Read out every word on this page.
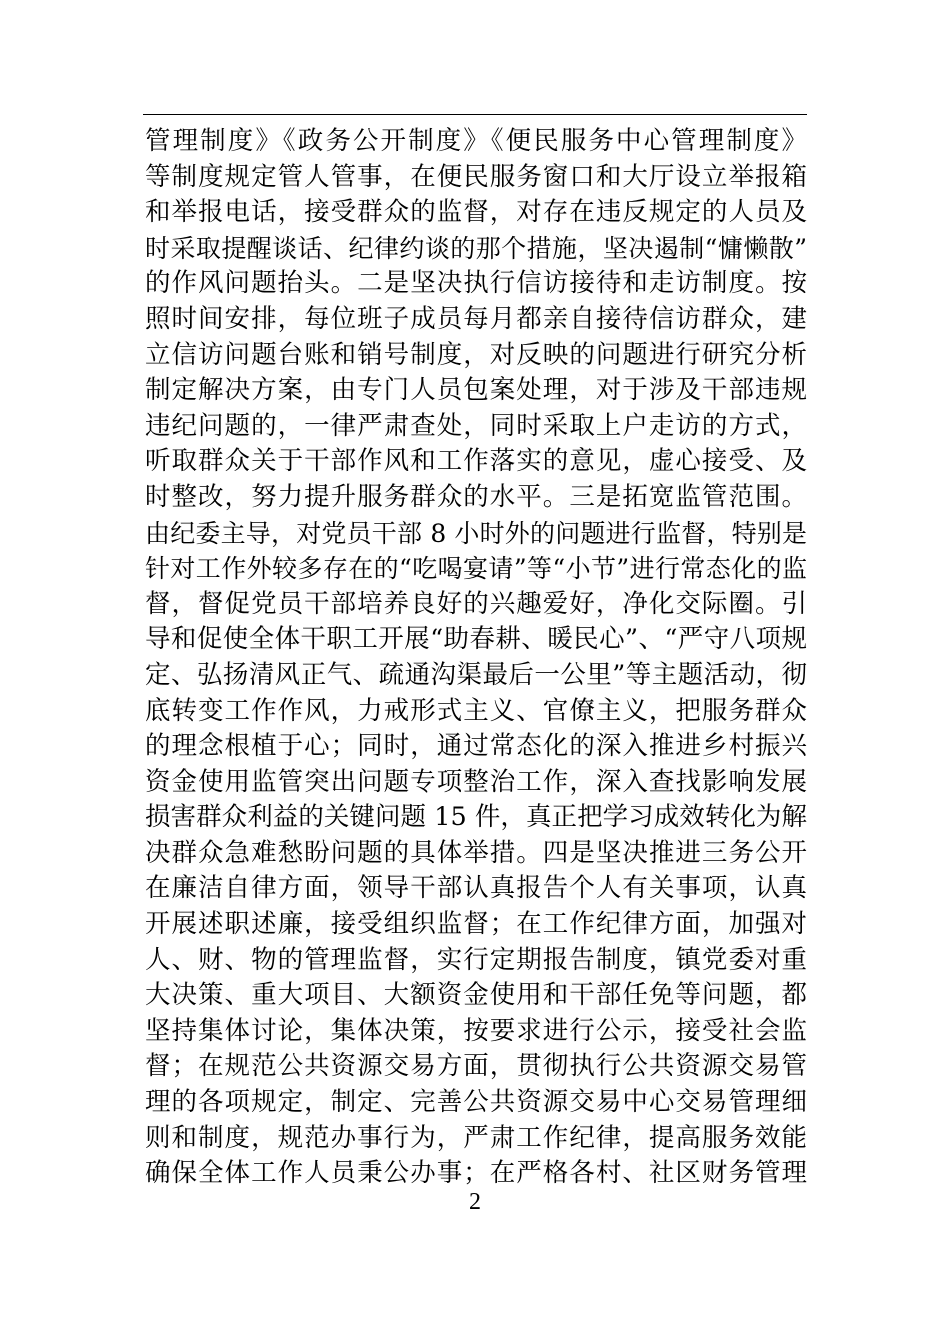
管理制度》《政务公开制度》《便民服务中心管理制度》
等制度规定管人管事，在便民服务窗口和大厅设立举报箱
和举报电话，接受群众的监督，对存在违反规定的人员及
时采取提醒谈话、纪律约谈的那个措施，坚决遏制“慵懒散”
的作风问题抬头。二是坚决执行信访接待和走访制度。按
照时间安排，每位班子成员每月都亲自接待信访群众，建
立信访问题台账和销号制度，对反映的问题进行研究分析
制定解决方案，由专门人员包案处理，对于涉及干部违规
违纪问题的，一律严肃查处，同时采取上户走访的方式，
听取群众关于干部作风和工作落实的意见，虚心接受、及
时整改，努力提升服务群众的水平。三是拓宽监管范围。
由纪委主导，对党员干部 8 小时外的问题进行监督，特别是
针对工作外较多存在的“吃喝宴请”等“小节”进行常态化的监
督，督促党员干部培养良好的兴趣爱好，净化交际圈。引
导和促使全体干职工开展“助春耕、暖民心”、“严守八项规
定、弘扬清风正气、疏通沟渠最后一公里”等主题活动，彻
底转变工作作风，力戒形式主义、官僚主义，把服务群众
的理念根植于心；同时，通过常态化的深入推进乡村振兴
资金使用监管突出问题专项整治工作，深入查找影响发展
损害群众利益的关键问题 15 件，真正把学习成效转化为解
决群众急难愁盼问题的具体举措。四是坚决推进三务公开
在廉洁自律方面，领导干部认真报告个人有关事项，认真
开展述职述廉，接受组织监督；在工作纪律方面，加强对
人、财、物的管理监督，实行定期报告制度，镇党委对重
大决策、重大项目、大额资金使用和干部任免等问题，都
坚持集体讨论，集体决策，按要求进行公示，接受社会监
督；在规范公共资源交易方面，贯彻执行公共资源交易管
理的各项规定，制定、完善公共资源交易中心交易管理细
则和制度，规范办事行为，严肃工作纪律，提高服务效能
确保全体工作人员秉公办事；在严格各村、社区财务管理
2
